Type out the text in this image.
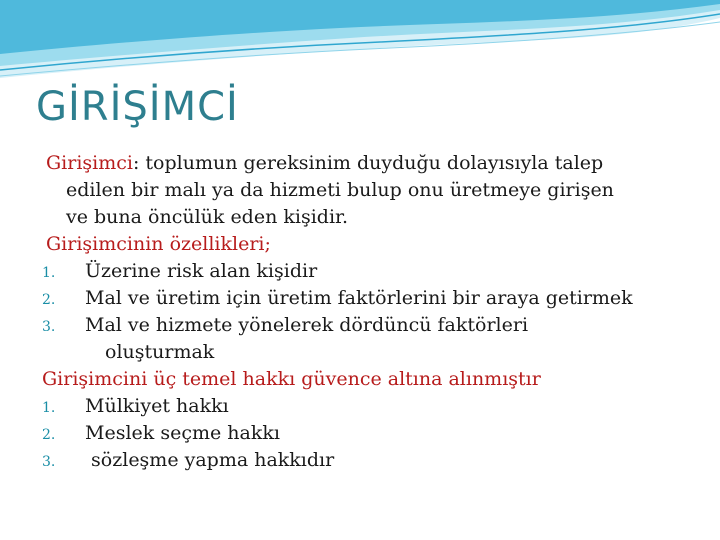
GİRİŞİMCİ
Girişimci: toplumun gereksinim duyduğu dolayısıyla talep
edilen bir malı ya da hizmeti bulup onu üretmeye girişen
ve buna öncülük eden kişidir.
Girişimcinin özellikleri;
1. Üzerine risk alan kişidir
2. Mal ve üretim için üretim faktörlerini bir araya getirmek
3. Mal ve hizmete yönelerek dördüncü faktörleri
oluşturmak
Girişimcini üç temel hakkı güvence altına alınmıştır
1. Mülkiyet hakkı
2. Meslek seçme hakkı
3. sözleşme yapma hakkıdır
